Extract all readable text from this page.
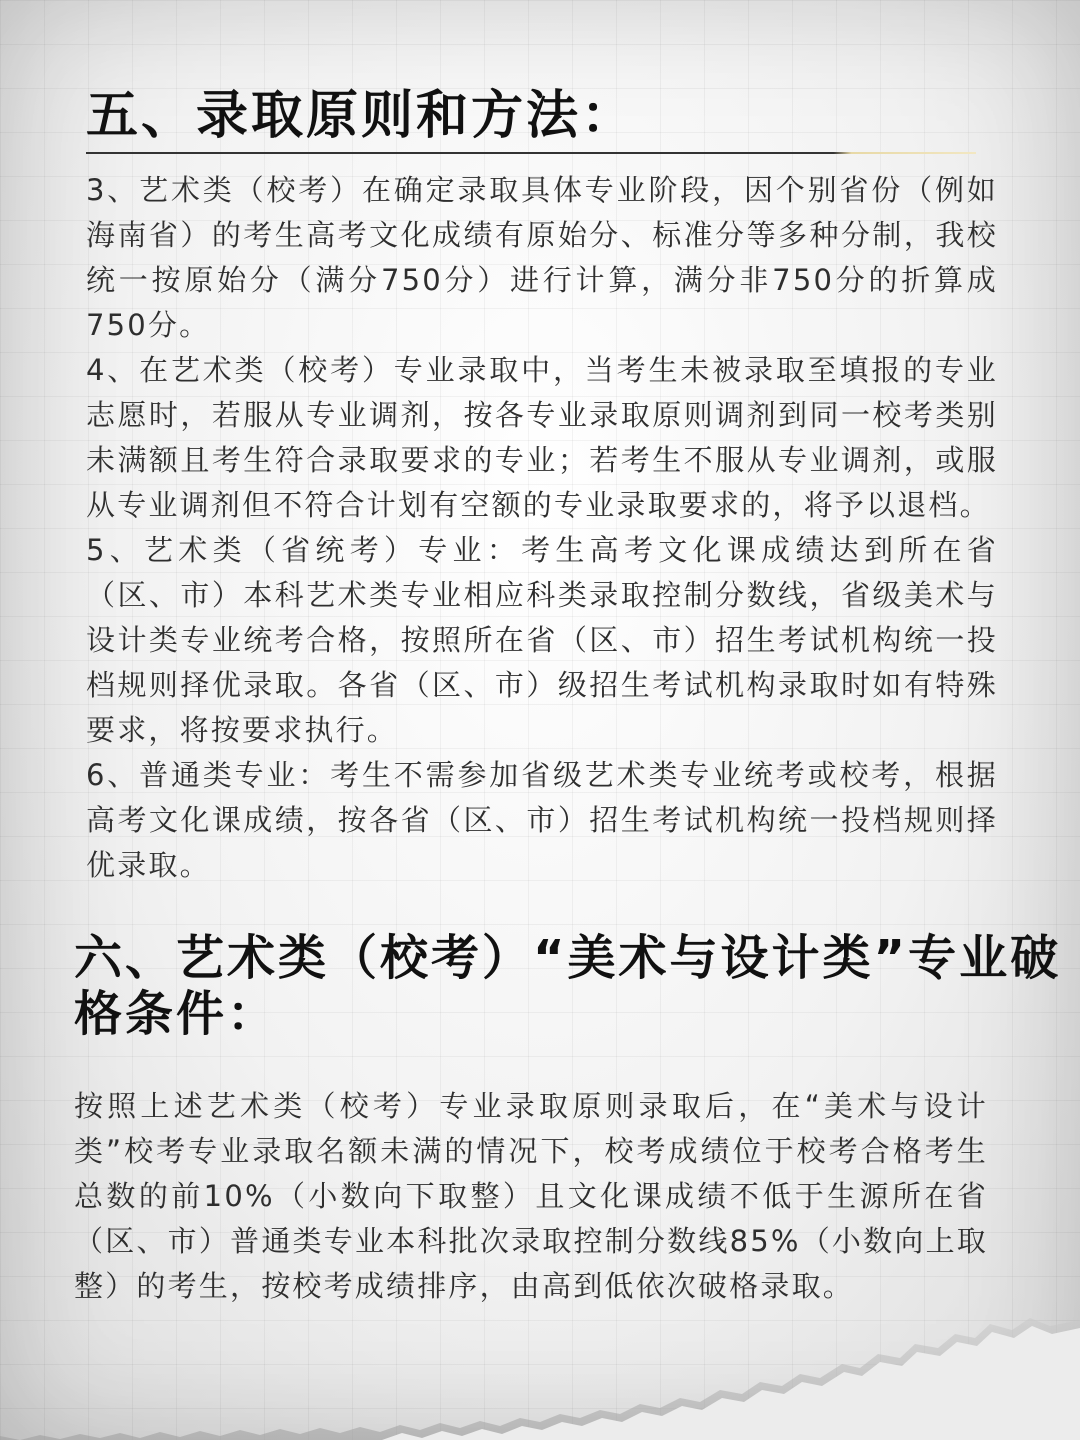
五、录取原则和方法：

3、艺术类（校考）在确定录取具体专业阶段，因个别省份（例如海南省）的考生高考文化成绩有原始分、标准分等多种分制，我校统一按原始分（满分750分）进行计算，满分非750分的折算成750分。

4、在艺术类（校考）专业录取中，当考生未被录取至填报的专业志愿时，若服从专业调剂，按各专业录取原则调剂到同一校考类别未满额且考生符合录取要求的专业；若考生不服从专业调剂，或服从专业调剂但不符合计划有空额的专业录取要求的，将予以退档。

5、艺术类（省统考）专业：考生高考文化课成绩达到所在省（区、市）本科艺术类专业相应科类录取控制分数线，省级美术与设计类专业统考合格，按照所在省（区、市）招生考试机构统一投档规则择优录取。各省（区、市）级招生考试机构录取时如有特殊要求，将按要求执行。

6、普通类专业：考生不需参加省级艺术类专业统考或校考，根据高考文化课成绩，按各省（区、市）招生考试机构统一投档规则择优录取。

六、艺术类（校考）“美术与设计类”专业破格条件：

按照上述艺术类（校考）专业录取原则录取后，在“美术与设计类”校考专业录取名额未满的情况下，校考成绩位于校考合格考生总数的前10%（小数向下取整）且文化课成绩不低于生源所在省（区、市）普通类专业本科批次录取控制分数线85%（小数向上取整）的考生，按校考成绩排序，由高到低依次破格录取。
